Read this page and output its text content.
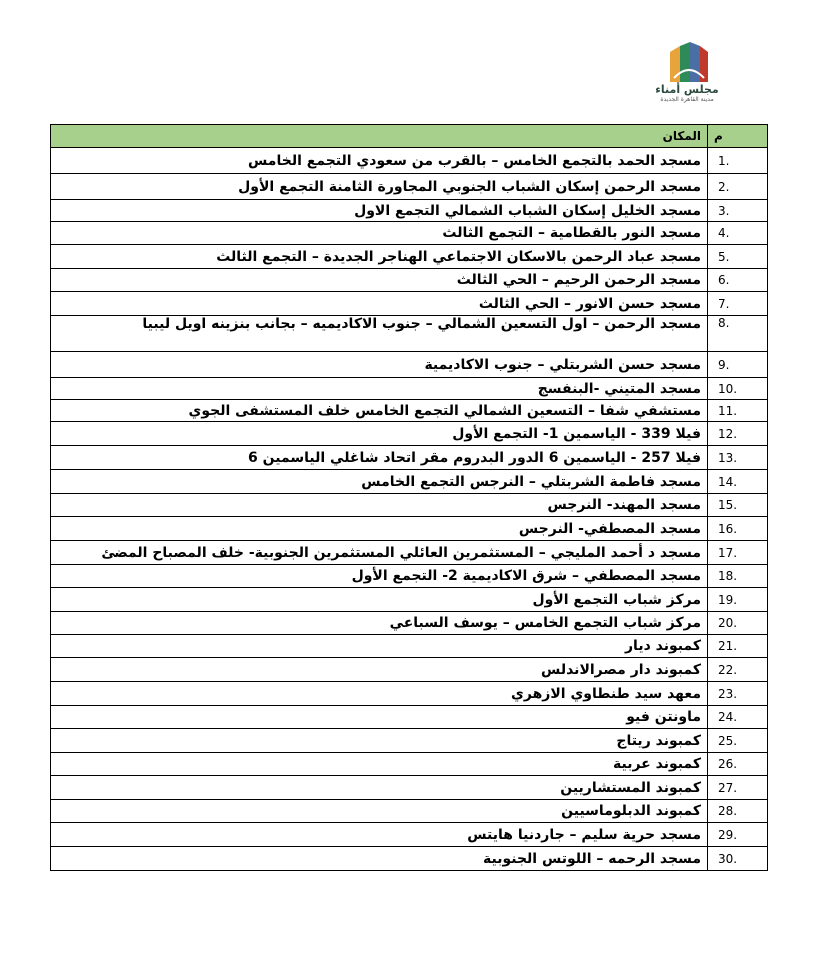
مجلس أمناء
مدينة القاهرة الجديدة
م	المكان
1.	مسجد الحمد بالتجمع الخامس – بالقرب من سعودي التجمع الخامس
2.	مسجد الرحمن إسكان الشباب الجنوبي المجاورة الثامنة التجمع الأول
3.	مسجد الخليل إسكان الشباب الشمالي التجمع الاول
4.	مسجد النور بالقطامية – التجمع الثالث
5.	مسجد عباد الرحمن بالاسكان الاجتماعي الهناجر الجديدة – التجمع الثالث
6.	مسجد الرحمن الرحيم – الحي الثالث
7.	مسجد حسن الانور – الحي الثالث
8.	مسجد الرحمن – اول التسعين الشمالي – جنوب الاكاديميه – بجانب بنزينه اويل ليبيا
9.	مسجد حسن الشربتلي – جنوب الاكاديمية
10.	مسجد المتيني -البنفسج
11.	مستشفي شفا – التسعين الشمالي التجمع الخامس خلف المستشفى الجوي
12.	فيلا 339 - الياسمين 1- التجمع الأول
13.	فيلا 257 - الياسمين 6 الدور البدروم مقر اتحاد شاغلي الياسمين 6
14.	مسجد فاطمة الشربتلي – النرجس التجمع الخامس
15.	مسجد المهند- النرجس
16.	مسجد المصطفي- النرجس
17.	مسجد د أحمد المليجي – المستثمرين العائلي المستثمرين الجنوبية- خلف المصباح المضئ
18.	مسجد المصطفي – شرق الاكاديمية 2- التجمع الأول
19.	مركز شباب التجمع الأول
20.	مركز شباب التجمع الخامس – يوسف السباعي
21.	كمبوند ديار
22.	كمبوند دار مصرالاندلس
23.	معهد سيد طنطاوي الازهري
24.	ماونتن فيو
25.	كمبوند ريتاج
26.	كمبوند عربية
27.	كمبوند المستشاريين
28.	كمبوند الدبلوماسيين
29.	مسجد حرية سليم – جاردنيا هايتس
30.	مسجد الرحمه – اللوتس الجنوبية
